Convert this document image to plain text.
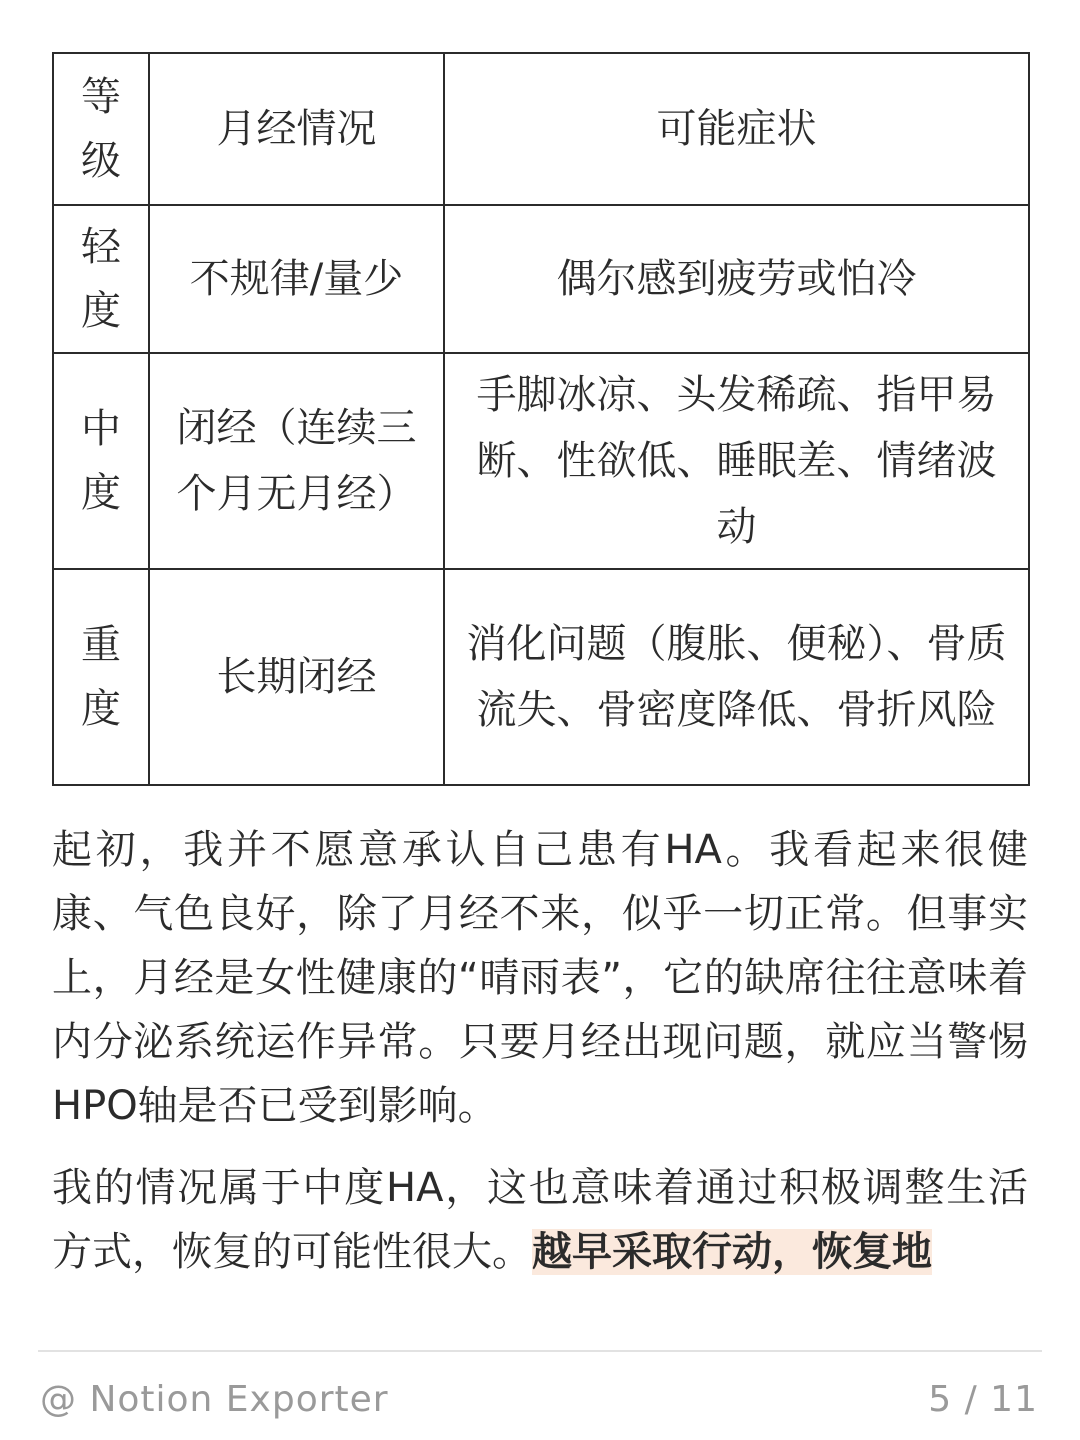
等级	月经情况	可能症状
轻度	不规律/量少	偶尔感到疲劳或怕冷
中度	闭经（连续三个月无月经）	手脚冰凉、头发稀疏、指甲易断、性欲低、睡眠差、情绪波动
重度	长期闭经	消化问题（腹胀、便秘）、骨质流失、骨密度降低、骨折风险

起初，我并不愿意承认自己患有HA。我看起来很健康、气色良好，除了月经不来，似乎一切正常。但事实上，月经是女性健康的“晴雨表”，它的缺席往往意味着内分泌系统运作异常。只要月经出现问题，就应当警惕HPO轴是否已受到影响。

我的情况属于中度HA，这也意味着通过积极调整生活方式，恢复的可能性很大。越早采取行动，恢复地

@ Notion Exporter	5 / 11
